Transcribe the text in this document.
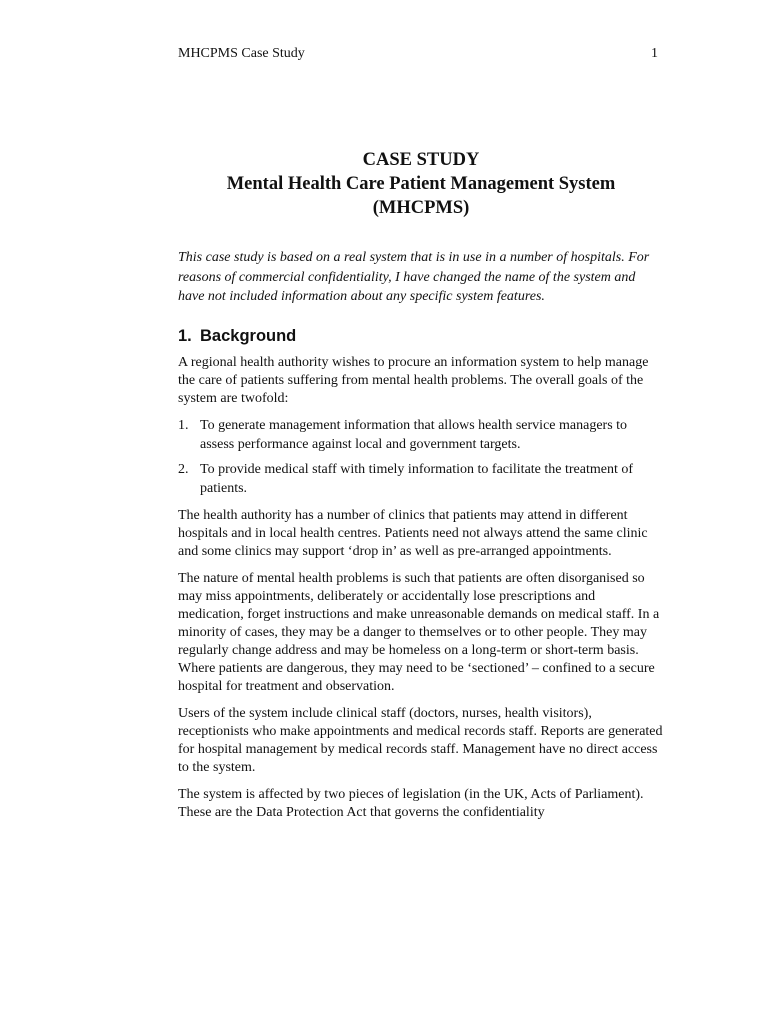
MHCPMS Case Study	1
CASE STUDY
Mental Health Care Patient Management System
(MHCPMS)

This case study is based on a real system that is in use in a number of hospitals. For reasons of commercial confidentiality, I have changed the name of the system and have not included information about any specific system features.

1. Background

A regional health authority wishes to procure an information system to help manage the care of patients suffering from mental health problems. The overall goals of the system are twofold:

1. To generate management information that allows health service managers to assess performance against local and government targets.
2. To provide medical staff with timely information to facilitate the treatment of patients.

The health authority has a number of clinics that patients may attend in different hospitals and in local health centres. Patients need not always attend the same clinic and some clinics may support ‘drop in’ as well as pre-arranged appointments.

The nature of mental health problems is such that patients are often disorganised so may miss appointments, deliberately or accidentally lose prescriptions and medication, forget instructions and make unreasonable demands on medical staff. In a minority of cases, they may be a danger to themselves or to other people. They may regularly change address and may be homeless on a long-term or short-term basis. Where patients are dangerous, they may need to be ‘sectioned’ – confined to a secure hospital for treatment and observation.

Users of the system include clinical staff (doctors, nurses, health visitors), receptionists who make appointments and medical records staff. Reports are generated for hospital management by medical records staff. Management have no direct access to the system.

The system is affected by two pieces of legislation (in the UK, Acts of Parliament). These are the Data Protection Act that governs the confidentiality
